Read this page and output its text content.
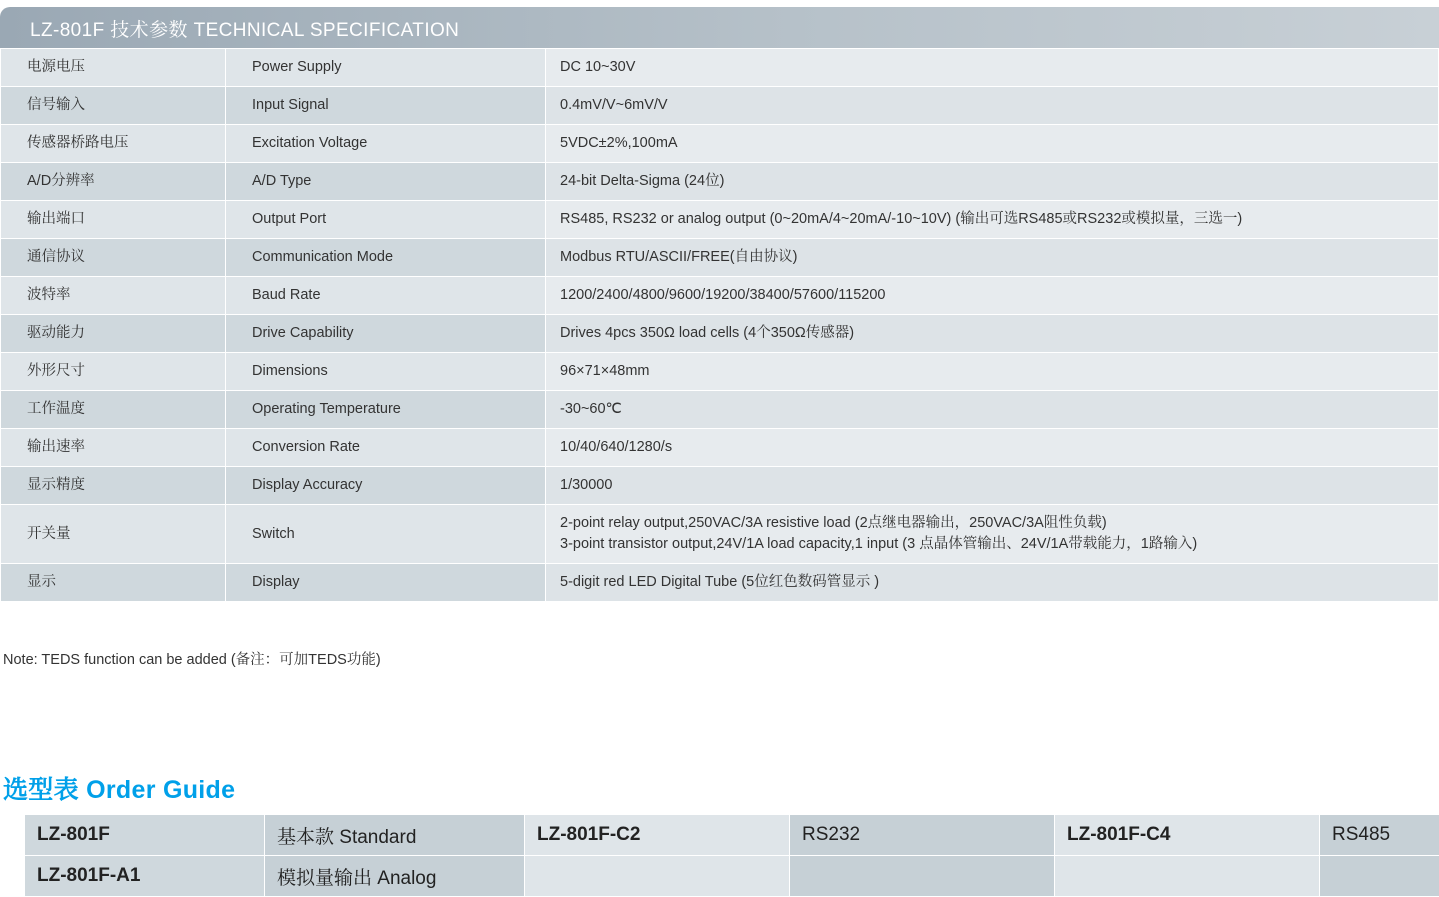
LZ-801F 技术参数 TECHNICAL SPECIFICATION
电源电压	Power Supply	DC 10~30V
信号输入	Input Signal	0.4mV/V~6mV/V
传感器桥路电压	Excitation Voltage	5VDC±2%,100mA
A/D分辨率	A/D Type	24-bit Delta-Sigma (24位)
输出端口	Output Port	RS485, RS232 or analog output (0~20mA/4~20mA/-10~10V) (输出可选RS485或RS232或模拟量，三选一)
通信协议	Communication Mode	Modbus RTU/ASCII/FREE(自由协议)
波特率	Baud Rate	1200/2400/4800/9600/19200/38400/57600/115200
驱动能力	Drive Capability	Drives 4pcs 350Ω load cells (4个350Ω传感器)
外形尺寸	Dimensions	96×71×48mm
工作温度	Operating Temperature	-30~60℃
输出速率	Conversion Rate	10/40/640/1280/s
显示精度	Display Accuracy	1/30000
开关量	Switch	2-point relay output,250VAC/3A resistive load (2点继电器输出，250VAC/3A阻性负载)
3-point transistor output,24V/1A load capacity,1 input (3 点晶体管输出、24V/1A带载能力，1路输入)

显示	Display	5-digit red LED Digital Tube (5位红色数码管显示 )
Note: TEDS function can be added (备注：可加TEDS功能)
选型表 Order Guide
LZ-801F	基本款 Standard	LZ-801F-C2	RS232	LZ-801F-C4	RS485
LZ-801F-A1	模拟量输出 Analog				
